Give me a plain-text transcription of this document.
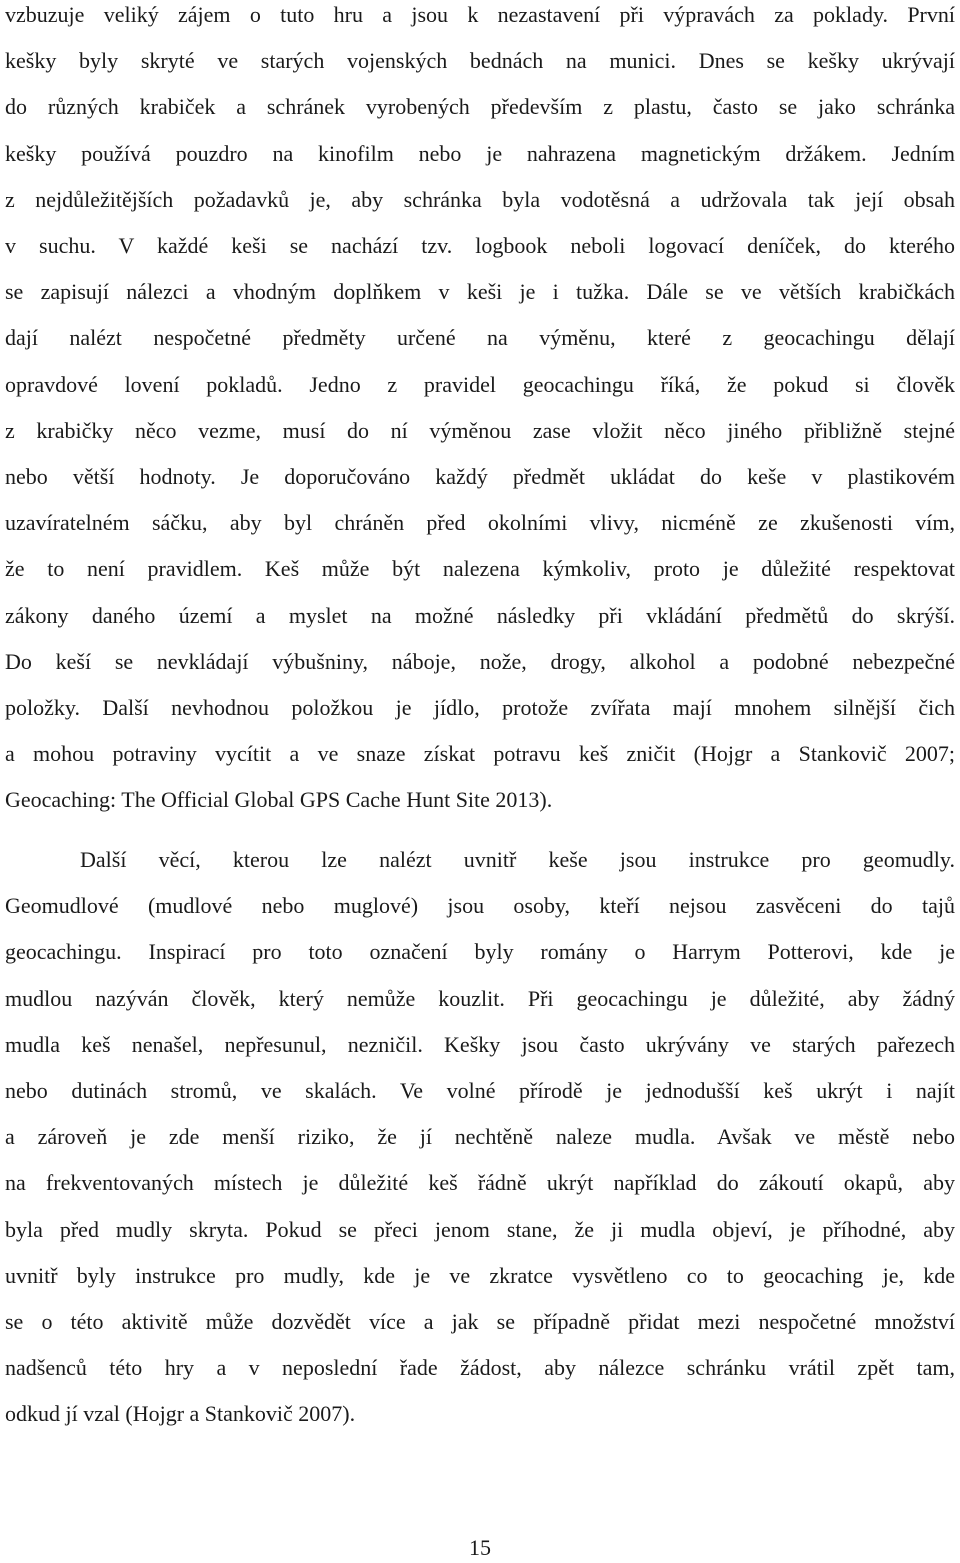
vzbuzuje veliký zájem o tuto hru a jsou k nezastavení při výpravách za poklady. První
kešky byly skryté ve starých vojenských bednách na munici. Dnes se kešky ukrývají
do různých krabiček a schránek vyrobených především z plastu, často se jako schránka
kešky používá pouzdro na kinofilm nebo je nahrazena magnetickým držákem. Jedním
z nejdůležitějších požadavků je, aby schránka byla vodotěsná a udržovala tak její obsah
v suchu. V každé keši se nachází tzv. logbook neboli logovací deníček, do kterého
se zapisují nálezci a vhodným doplňkem v keši je i tužka. Dále se ve větších krabičkách
dají nalézt nespočetné předměty určené na výměnu, které z geocachingu dělají
opravdové lovení pokladů. Jedno z pravidel geocachingu říká, že pokud si člověk
z krabičky něco vezme, musí do ní výměnou zase vložit něco jiného přibližně stejné
nebo větší hodnoty. Je doporučováno každý předmět ukládat do keše v plastikovém
uzavíratelném sáčku, aby byl chráněn před okolními vlivy, nicméně ze zkušenosti vím,
že to není pravidlem. Keš může být nalezena kýmkoliv, proto je důležité respektovat
zákony daného území a myslet na možné následky při vkládání předmětů do skrýší.
Do keší se nevkládají výbušniny, náboje, nože, drogy, alkohol a podobné nebezpečné
položky. Další nevhodnou položkou je jídlo, protože zvířata mají mnohem silnější čich
a mohou potraviny vycítit a ve snaze získat potravu keš zničit (Hojgr a Stankovič 2007;
Geocaching: The Official Global GPS Cache Hunt Site 2013).
Další věcí, kterou lze nalézt uvnitř keše jsou instrukce pro geomudly.
Geomudlové (mudlové nebo muglové) jsou osoby, kteří nejsou zasvěceni do tajů
geocachingu. Inspirací pro toto označení byly romány o Harrym Potterovi, kde je
mudlou nazýván člověk, který nemůže kouzlit. Při geocachingu je důležité, aby žádný
mudla keš nenašel, nepřesunul, nezničil. Kešky jsou často ukrývány ve starých pařezech
nebo dutinách stromů, ve skalách. Ve volné přírodě je jednodušší keš ukrýt i najít
a zároveň je zde menší riziko, že jí nechtěně naleze mudla. Avšak ve městě nebo
na frekventovaných místech je důležité keš řádně ukrýt například do zákoutí okapů, aby
byla před mudly skryta. Pokud se přeci jenom stane, že ji mudla objeví, je příhodné, aby
uvnitř byly instrukce pro mudly, kde je ve zkratce vysvětleno co to geocaching je, kde
se o této aktivitě může dozvědět více a jak se případně přidat mezi nespočetné množství
nadšenců této hry a v neposlední řade žádost, aby nálezce schránku vrátil zpět tam,
odkud jí vzal (Hojgr a Stankovič 2007).
15
